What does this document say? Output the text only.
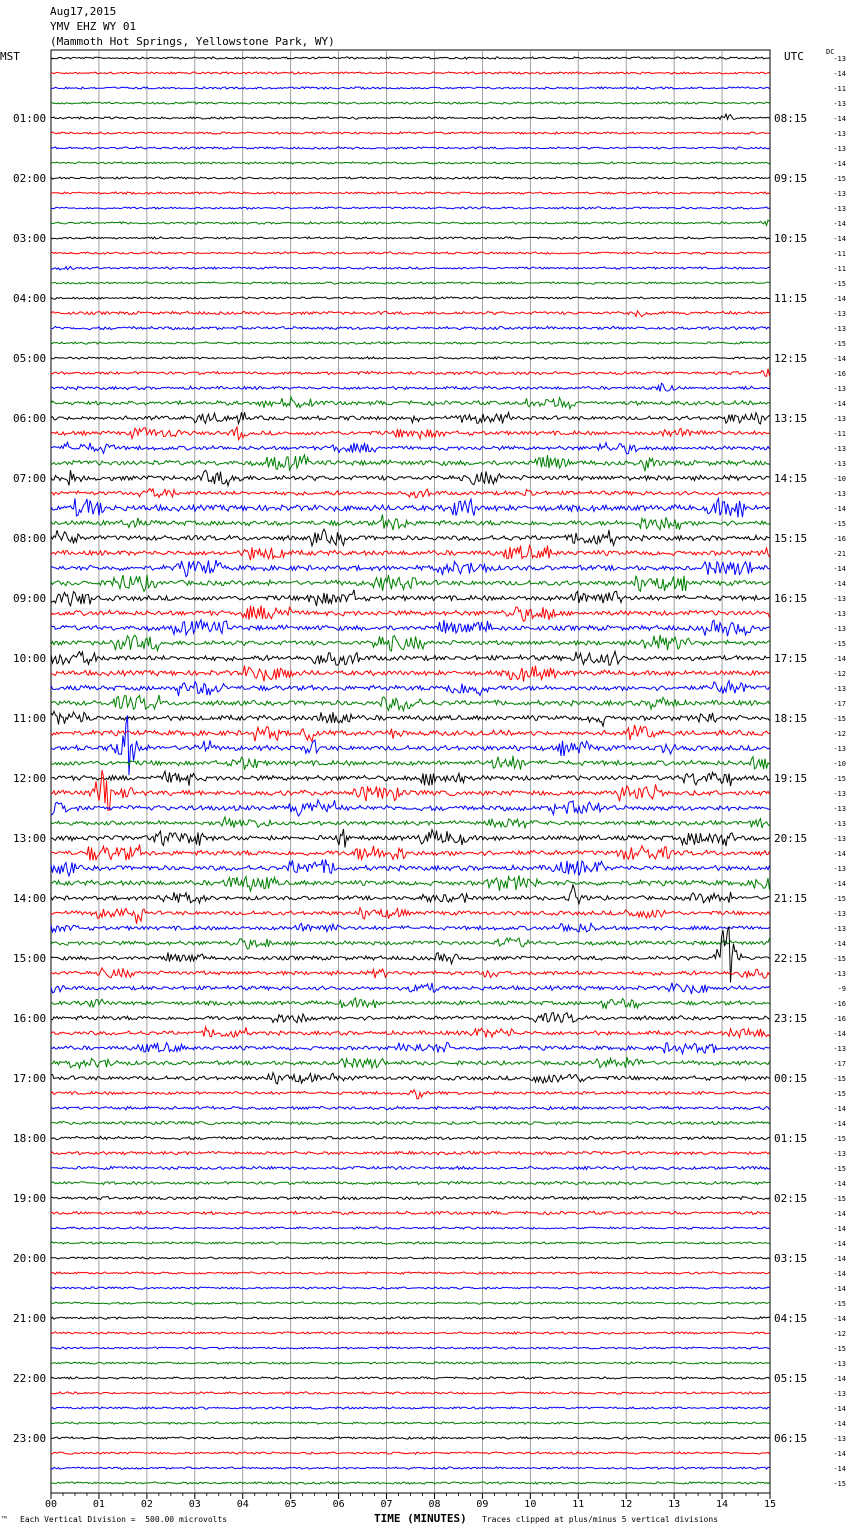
Aug17,2015
YMV EHZ WY 01
(Mammoth Hot Springs, Yellowstone Park, WY)
MST	UTC	DC
00	01	02	03	04	05	06	07	08	09	10	11	12	13	14	15
01:00
02:00
03:00
04:00
05:00
06:00
07:00
08:00
09:00
10:00
11:00
12:00
13:00
14:00
15:00
16:00
17:00
18:00
19:00
20:00
21:00
22:00
23:00
08:15
09:15
10:15
11:15
12:15
13:15
14:15
15:15
16:15
17:15
18:15
19:15
20:15
21:15
22:15
23:15
00:15
01:15
02:15
03:15
04:15
05:15
06:15
-13
-14
-11
-13
-14
-13
-13
-14
-15
-13
-13
-14
-14
-11
-11
-15
-14
-13
-13
-15
-14
-16
-13
-14
-13
-11
-13
-13
-10
-13
-14
-15
-16
-21
-14
-14
-13
-13
-13
-15
-14
-12
-13
-17
-15
-12
-13
-10
-15
-13
-13
-13
-13
-14
-13
-14
-15
-13
-13
-14
-15
-13
-9
-16
-16
-14
-13
-17
-15
-15
-14
-14
-15
-13
-15
-14
-15
-14
-14
-14
-14
-14
-14
-15
-14
-12
-15
-13
-14
-13
-14
-14
-13
-14
-14
-15
™ Each Vertical Division =  500.00 microvolts	TIME (MINUTES) Traces clipped at plus/minus 5 vertical divisions
